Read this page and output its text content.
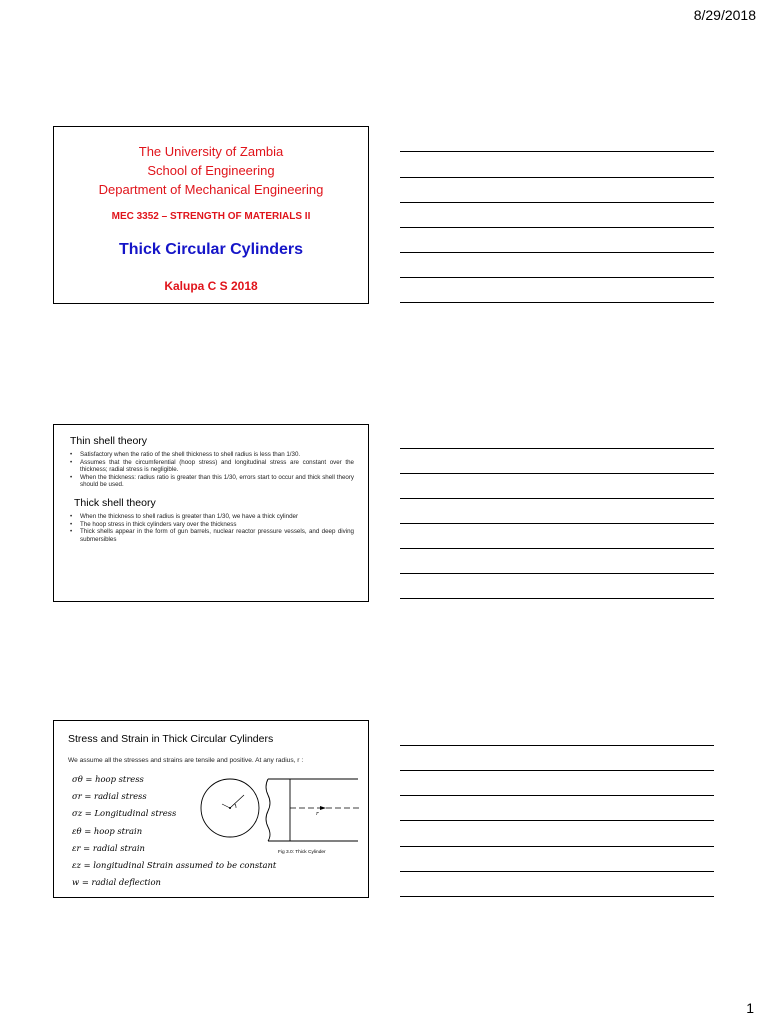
8/29/2018
The University of Zambia
School of Engineering
Department of Mechanical Engineering
MEC 3352 – STRENGTH OF MATERIALS II
Thick Circular Cylinders
Kalupa C S 2018
Thin shell theory
• Satisfactory when the ratio of the shell thickness to shell radius is less than 1/30.
• Assumes that the circumferential (hoop stress) and longitudinal stress are constant over the thickness; radial stress is negligible.
• When the thickness: radius ratio is greater than this 1/30, errors start to occur and thick shell theory should be used.
Thick shell theory
• When the thickness to shell radius is greater than 1/30, we have a thick cylinder
• The hoop stress in thick cylinders vary over the thickness
• Thick shells appear in the form of gun barrels, nuclear reactor pressure vessels, and deep diving submersibles
Stress and Strain in Thick Circular Cylinders
We assume all the stresses and strains are tensile and positive. At any radius, r :
σθ = hoop stress
σr = radial stress
σz = Longitudinal stress
εθ = hoop strain
εr = radial strain
εz = longitudinal Strain assumed to be constant
w = radial deflection
r
Fig 3.0: Thick Cylinder
1
